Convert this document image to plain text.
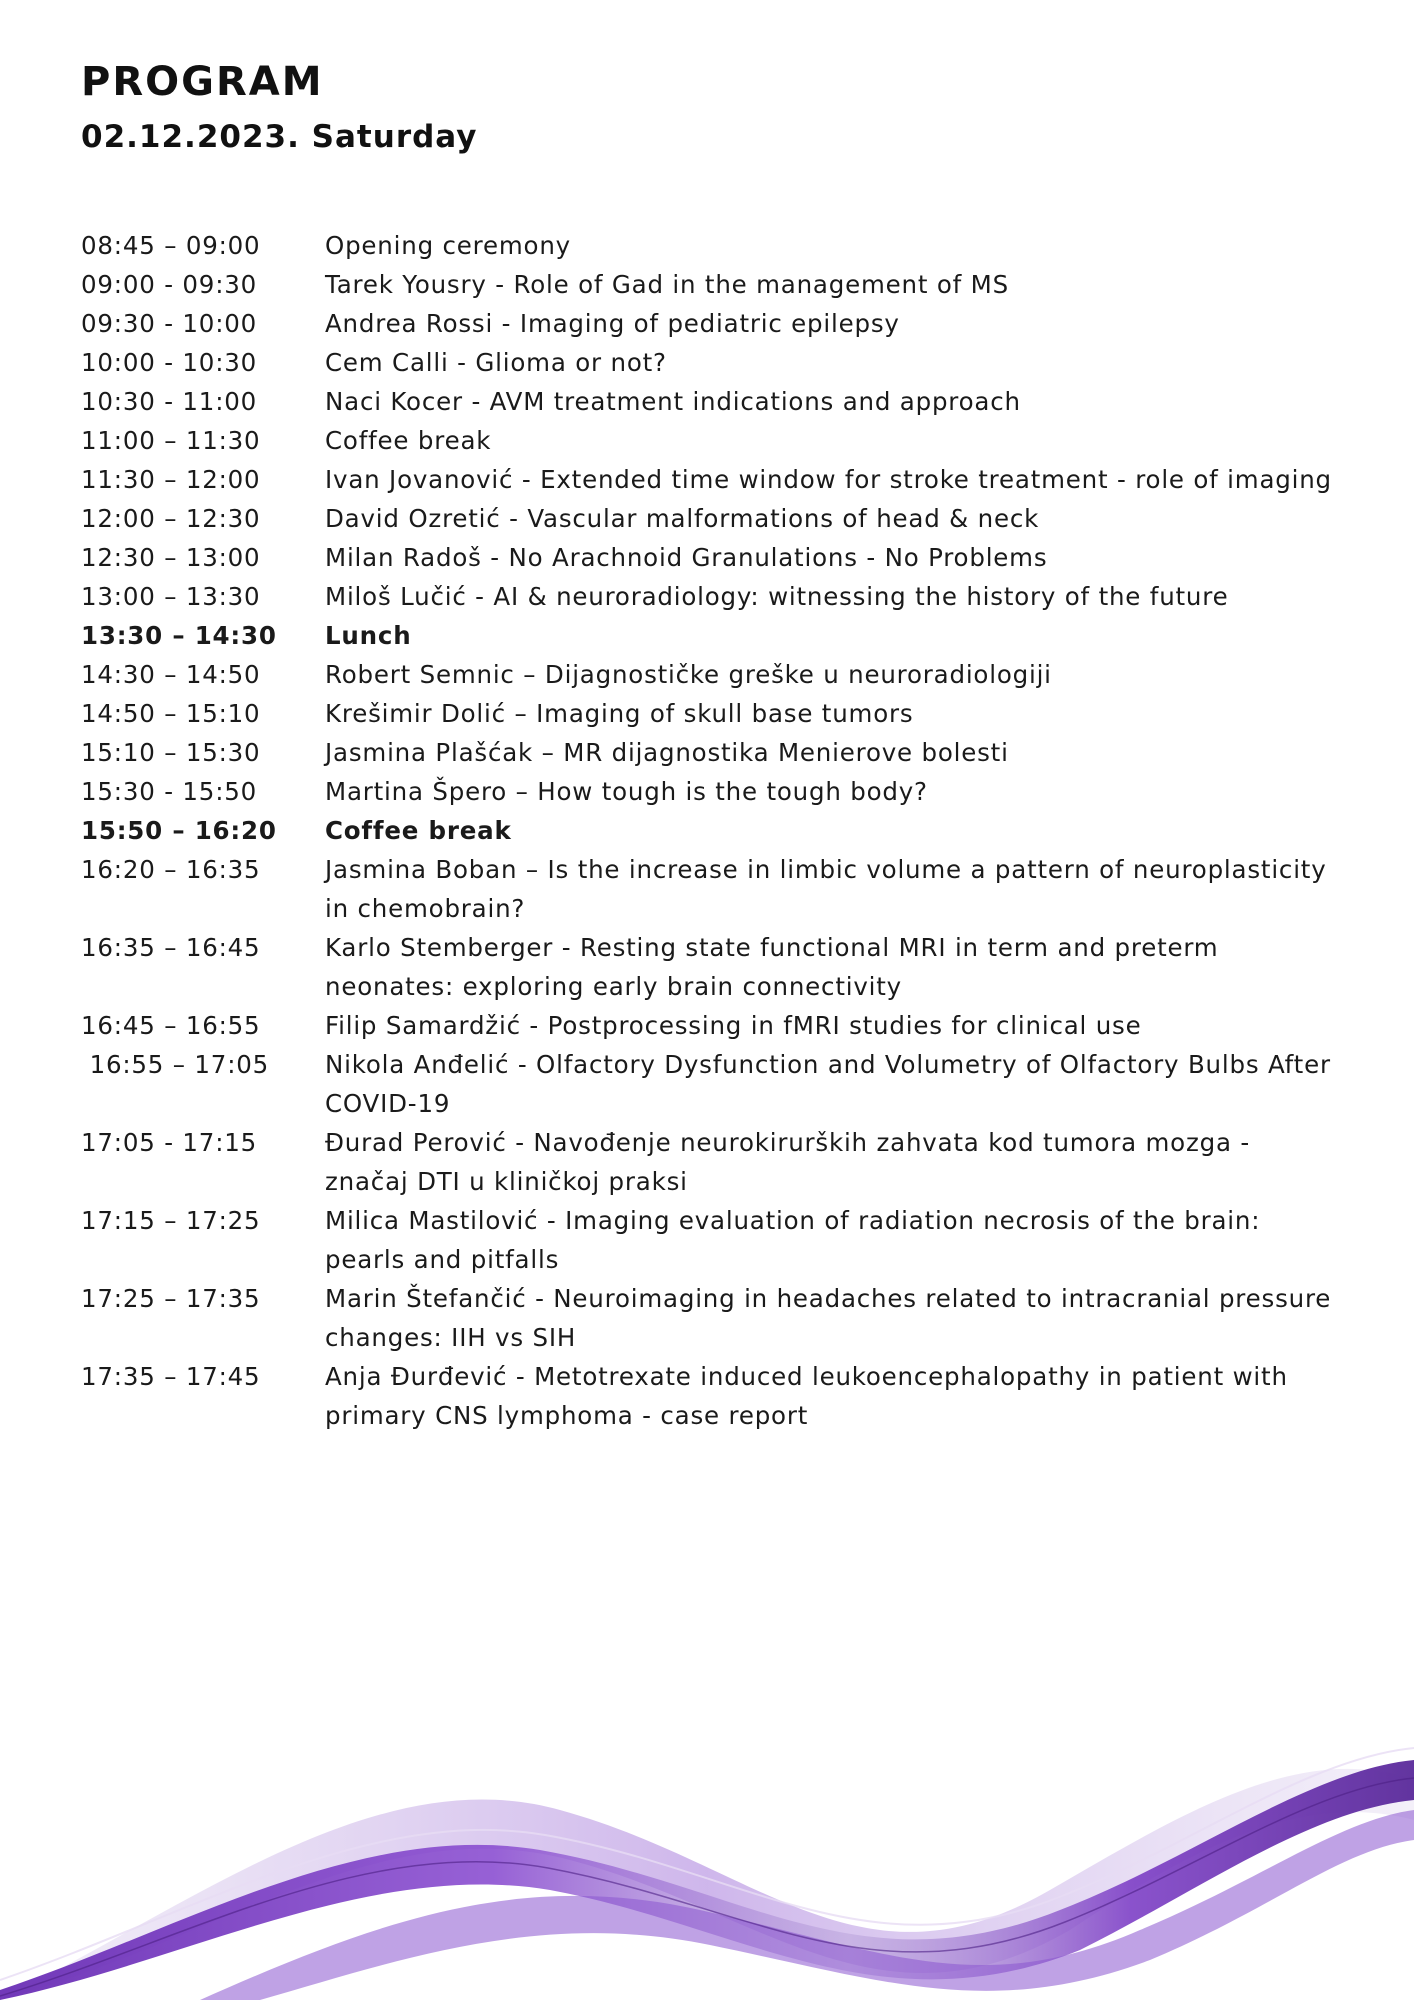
PROGRAM
02.12.2023. Saturday
08:45 – 09:00	Opening ceremony
09:00 - 09:30	Tarek Yousry - Role of Gad in the management of MS
09:30 - 10:00	Andrea Rossi - Imaging of pediatric epilepsy
10:00 - 10:30	Cem Calli - Glioma or not?
10:30 - 11:00	Naci Kocer - AVM treatment indications and approach
11:00 – 11:30	Coffee break
11:30 – 12:00	Ivan Jovanović - Extended time window for stroke treatment - role of imaging
12:00 – 12:30	David Ozretić - Vascular malformations of head & neck
12:30 – 13:00	Milan Radoš - No Arachnoid Granulations - No Problems
13:00 – 13:30	Miloš Lučić - AI & neuroradiology: witnessing the history of the future
13:30 – 14:30	Lunch
14:30 – 14:50	Robert Semnic – Dijagnostičke greške u neuroradiologiji
14:50 – 15:10	Krešimir Dolić – Imaging of skull base tumors
15:10 – 15:30	Jasmina Plašćak – MR dijagnostika Menierove bolesti
15:30 - 15:50	Martina Špero – How tough is the tough body?
15:50 – 16:20	Coffee break
16:20 – 16:35	Jasmina Boban – Is the increase in limbic volume a pattern of neuroplasticity in chemobrain?
16:35 – 16:45	Karlo Stemberger - Resting state functional MRI in term and preterm neonates: exploring early brain connectivity
16:45 – 16:55	Filip Samardžić - Postprocessing in fMRI studies for clinical use
16:55 – 17:05	Nikola Anđelić - Olfactory Dysfunction and Volumetry of Olfactory Bulbs After COVID-19
17:05 - 17:15	Đurad Perović - Navođenje neurokirurških zahvata kod tumora mozga - značaj DTI u kliničkoj praksi
17:15 – 17:25	Milica Mastilović - Imaging evaluation of radiation necrosis of the brain: pearls and pitfalls
17:25 – 17:35	Marin Štefančić - Neuroimaging in headaches related to intracranial pressure changes: IIH vs SIH
17:35 – 17:45	Anja Đurđević - Metotrexate induced leukoencephalopathy in patient with primary CNS lymphoma - case report
